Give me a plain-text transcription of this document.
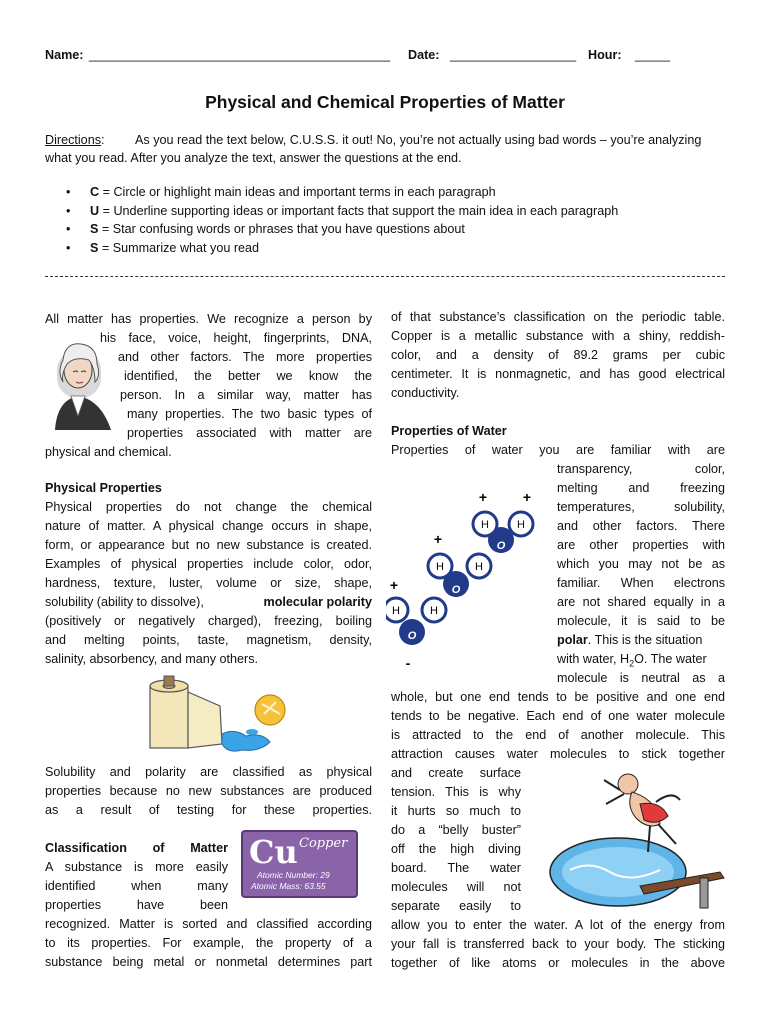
Name: ___________________________________________ Date: __________________ Hour: _____
Physical and Chemical Properties of Matter
Directions: As you read the text below, C.U.S.S. it out! No, you’re not actually using bad words – you’re analyzing
what you read. After you analyze the text, answer the questions at the end.
• C = Circle or highlight main ideas and important terms in each paragraph
• U = Underline supporting ideas or important facts that support the main idea in each paragraph
• S = Star confusing words or phrases that you have questions about
• S = Summarize what you read
All matter has properties. We recognize a person by
his face, voice, height, fingerprints, DNA,
and other factors. The more properties
identified, the better we know the
person. In a similar way, matter has
many properties. The two basic types of
properties associated with matter are
physical and chemical.
Physical Properties
Physical properties do not change the chemical
nature of matter. A physical change occurs in shape,
form, or appearance but no new substance is created.
Examples of physical properties include color, odor,
hardness, texture, luster, volume or size, shape,
solubility (ability to dissolve),	molecular polarity
(positively or negatively charged), freezing, boiling
and melting points, taste, magnetism, density,
salinity, absorbency, and many others.
Solubility and polarity are classified as physical
properties because no new substances are produced
as a result of testing for these properties.
Classification of Matter Cu Copper
Atomic Number: 29
Atomic Mass: 63.55
A substance is more easily
identified when many
properties have been
recognized. Matter is sorted and classified according
to its properties. For example, the property of a
substance being metal or nonmetal determines part
of that substance’s classification on the periodic table.
Copper is a metallic substance with a shiny, reddish-
color, and a density of 89.2 grams per cubic
centimeter. It is nonmagnetic, and has good electrical
conductivity.
Properties of Water
Properties of water you are familiar with are
H	H
O
+	+
H	H
O
+
H	H
O
+
-
transparency, color,
melting and freezing
temperatures, solubility,
and other factors. There
are other properties with
which you may not be as
familiar. When electrons
are not shared equally in a
molecule, it is said to be
polar. This is the situation
with water, $H_2O$. The water
molecule is neutral as a
whole, but one end tends to be positive and one end
tends to be negative. Each end of one water molecule
is attracted to the end of another molecule. This
attraction causes water molecules to stick together
and create surface
tension. This is why
it hurts so much to
do a “belly buster”
off the high diving
board. The water
molecules will not
separate easily to
allow you to enter the water. A lot of the energy from
your fall is transferred back to your body. The sticking
together of like atoms or molecules in the above
